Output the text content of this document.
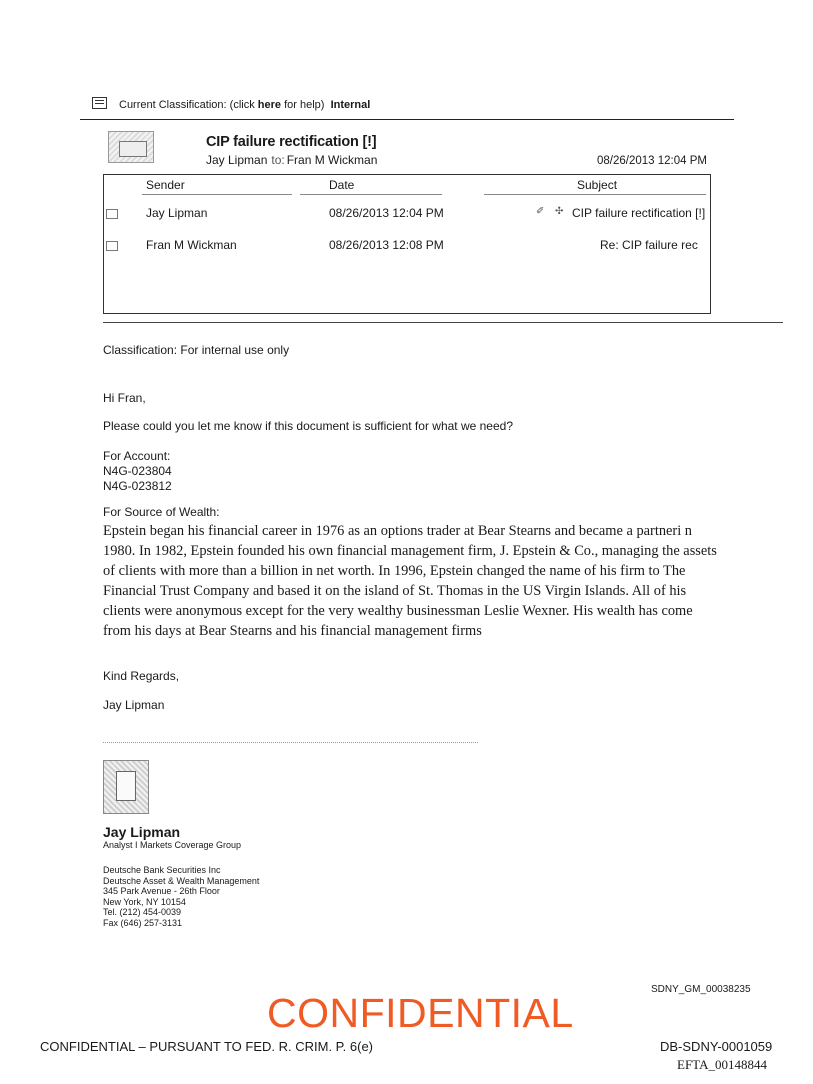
Current Classification: (click here for help) Internal
CIP failure rectification [!]
Jay Lipman to: Fran M Wickman	08/26/2013 12:04 PM
Sender	Date	Subject
Jay Lipman	08/26/2013 12:04 PM	✐ ✣ CIP failure rectification [!]
Fran M Wickman	08/26/2013 12:08 PM	Re: CIP failure rec
Classification: For internal use only
Hi Fran,
Please could you let me know if this document is sufficient for what we need?
For Account:
N4G-023804
N4G-023812
For Source of Wealth:
Epstein began his financial career in 1976 as an options trader at Bear Stearns and became a partneri n 1980. In 1982, Epstein founded his own financial management firm, J. Epstein & Co., managing the assets of clients with more than a billion in net worth. In 1996, Epstein changed the name of his firm to The Financial Trust Company and based it on the island of St. Thomas in the US Virgin Islands. All of his clients were anonymous except for the very wealthy businessman Leslie Wexner. His wealth has come from his days at Bear Stearns and his financial management firms
Kind Regards,
Jay Lipman
Jay Lipman
Analyst I Markets Coverage Group
Deutsche Bank Securities Inc
Deutsche Asset & Wealth Management
345 Park Avenue - 26th Floor
New York, NY 10154
Tel. (212) 454-0039
Fax (646) 257-3131
SDNY_GM_00038235
CONFIDENTIAL
CONFIDENTIAL – PURSUANT TO FED. R. CRIM. P. 6(e)	DB-SDNY-0001059
EFTA_00148844
